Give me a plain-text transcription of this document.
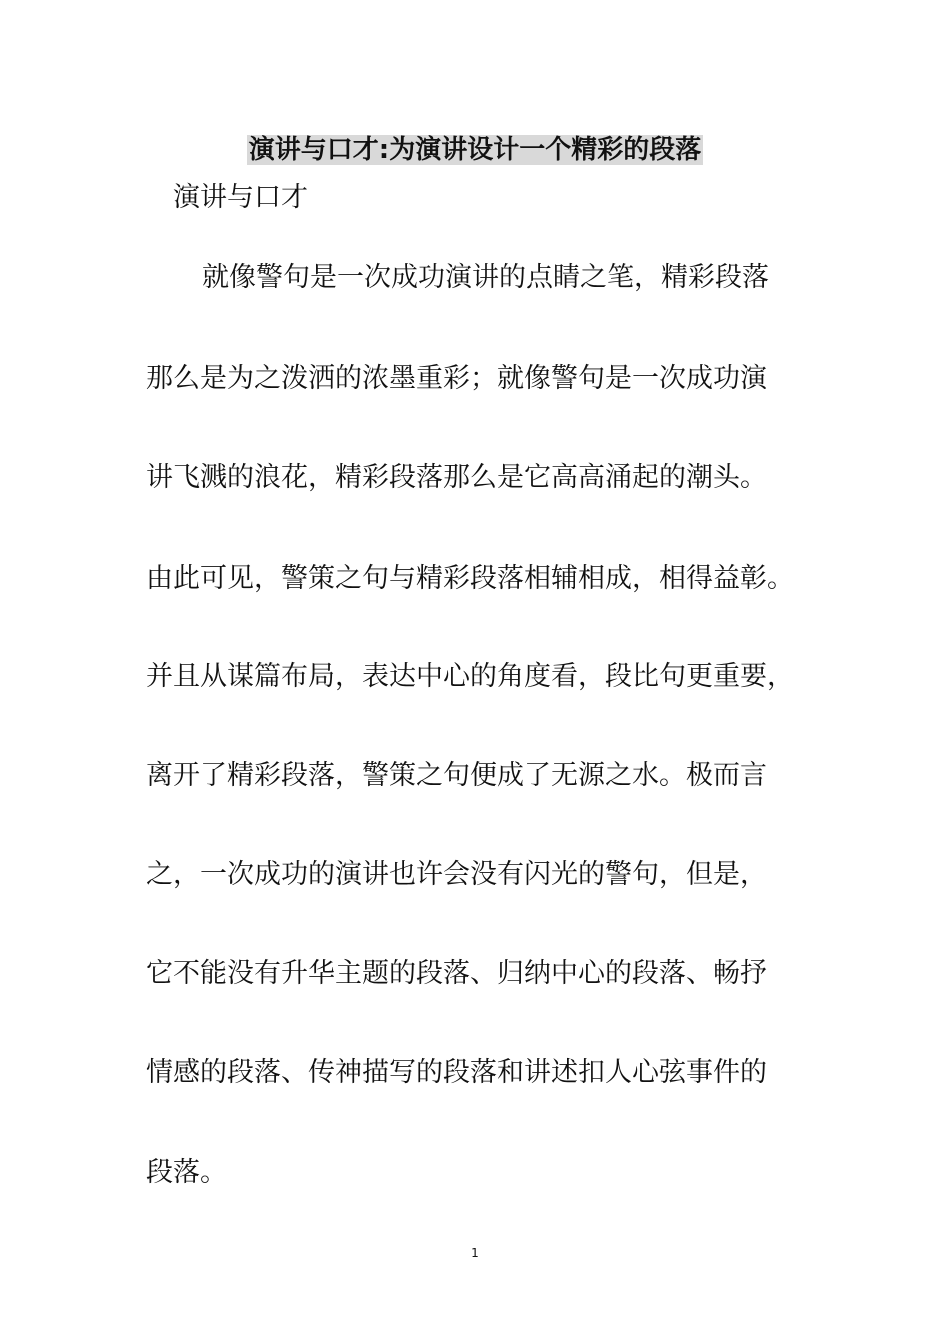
演讲与口才:为演讲设计一个精彩的段落

演讲与口才

就像警句是一次成功演讲的点睛之笔，精彩段落

那么是为之泼洒的浓墨重彩；就像警句是一次成功演

讲飞溅的浪花，精彩段落那么是它高高涌起的潮头。

由此可见，警策之句与精彩段落相辅相成，相得益彰。

并且从谋篇布局，表达中心的角度看，段比句更重要，

离开了精彩段落，警策之句便成了无源之水。极而言

之，一次成功的演讲也许会没有闪光的警句，但是，

它不能没有升华主题的段落、归纳中心的段落、畅抒

情感的段落、传神描写的段落和讲述扣人心弦事件的

段落。

1
